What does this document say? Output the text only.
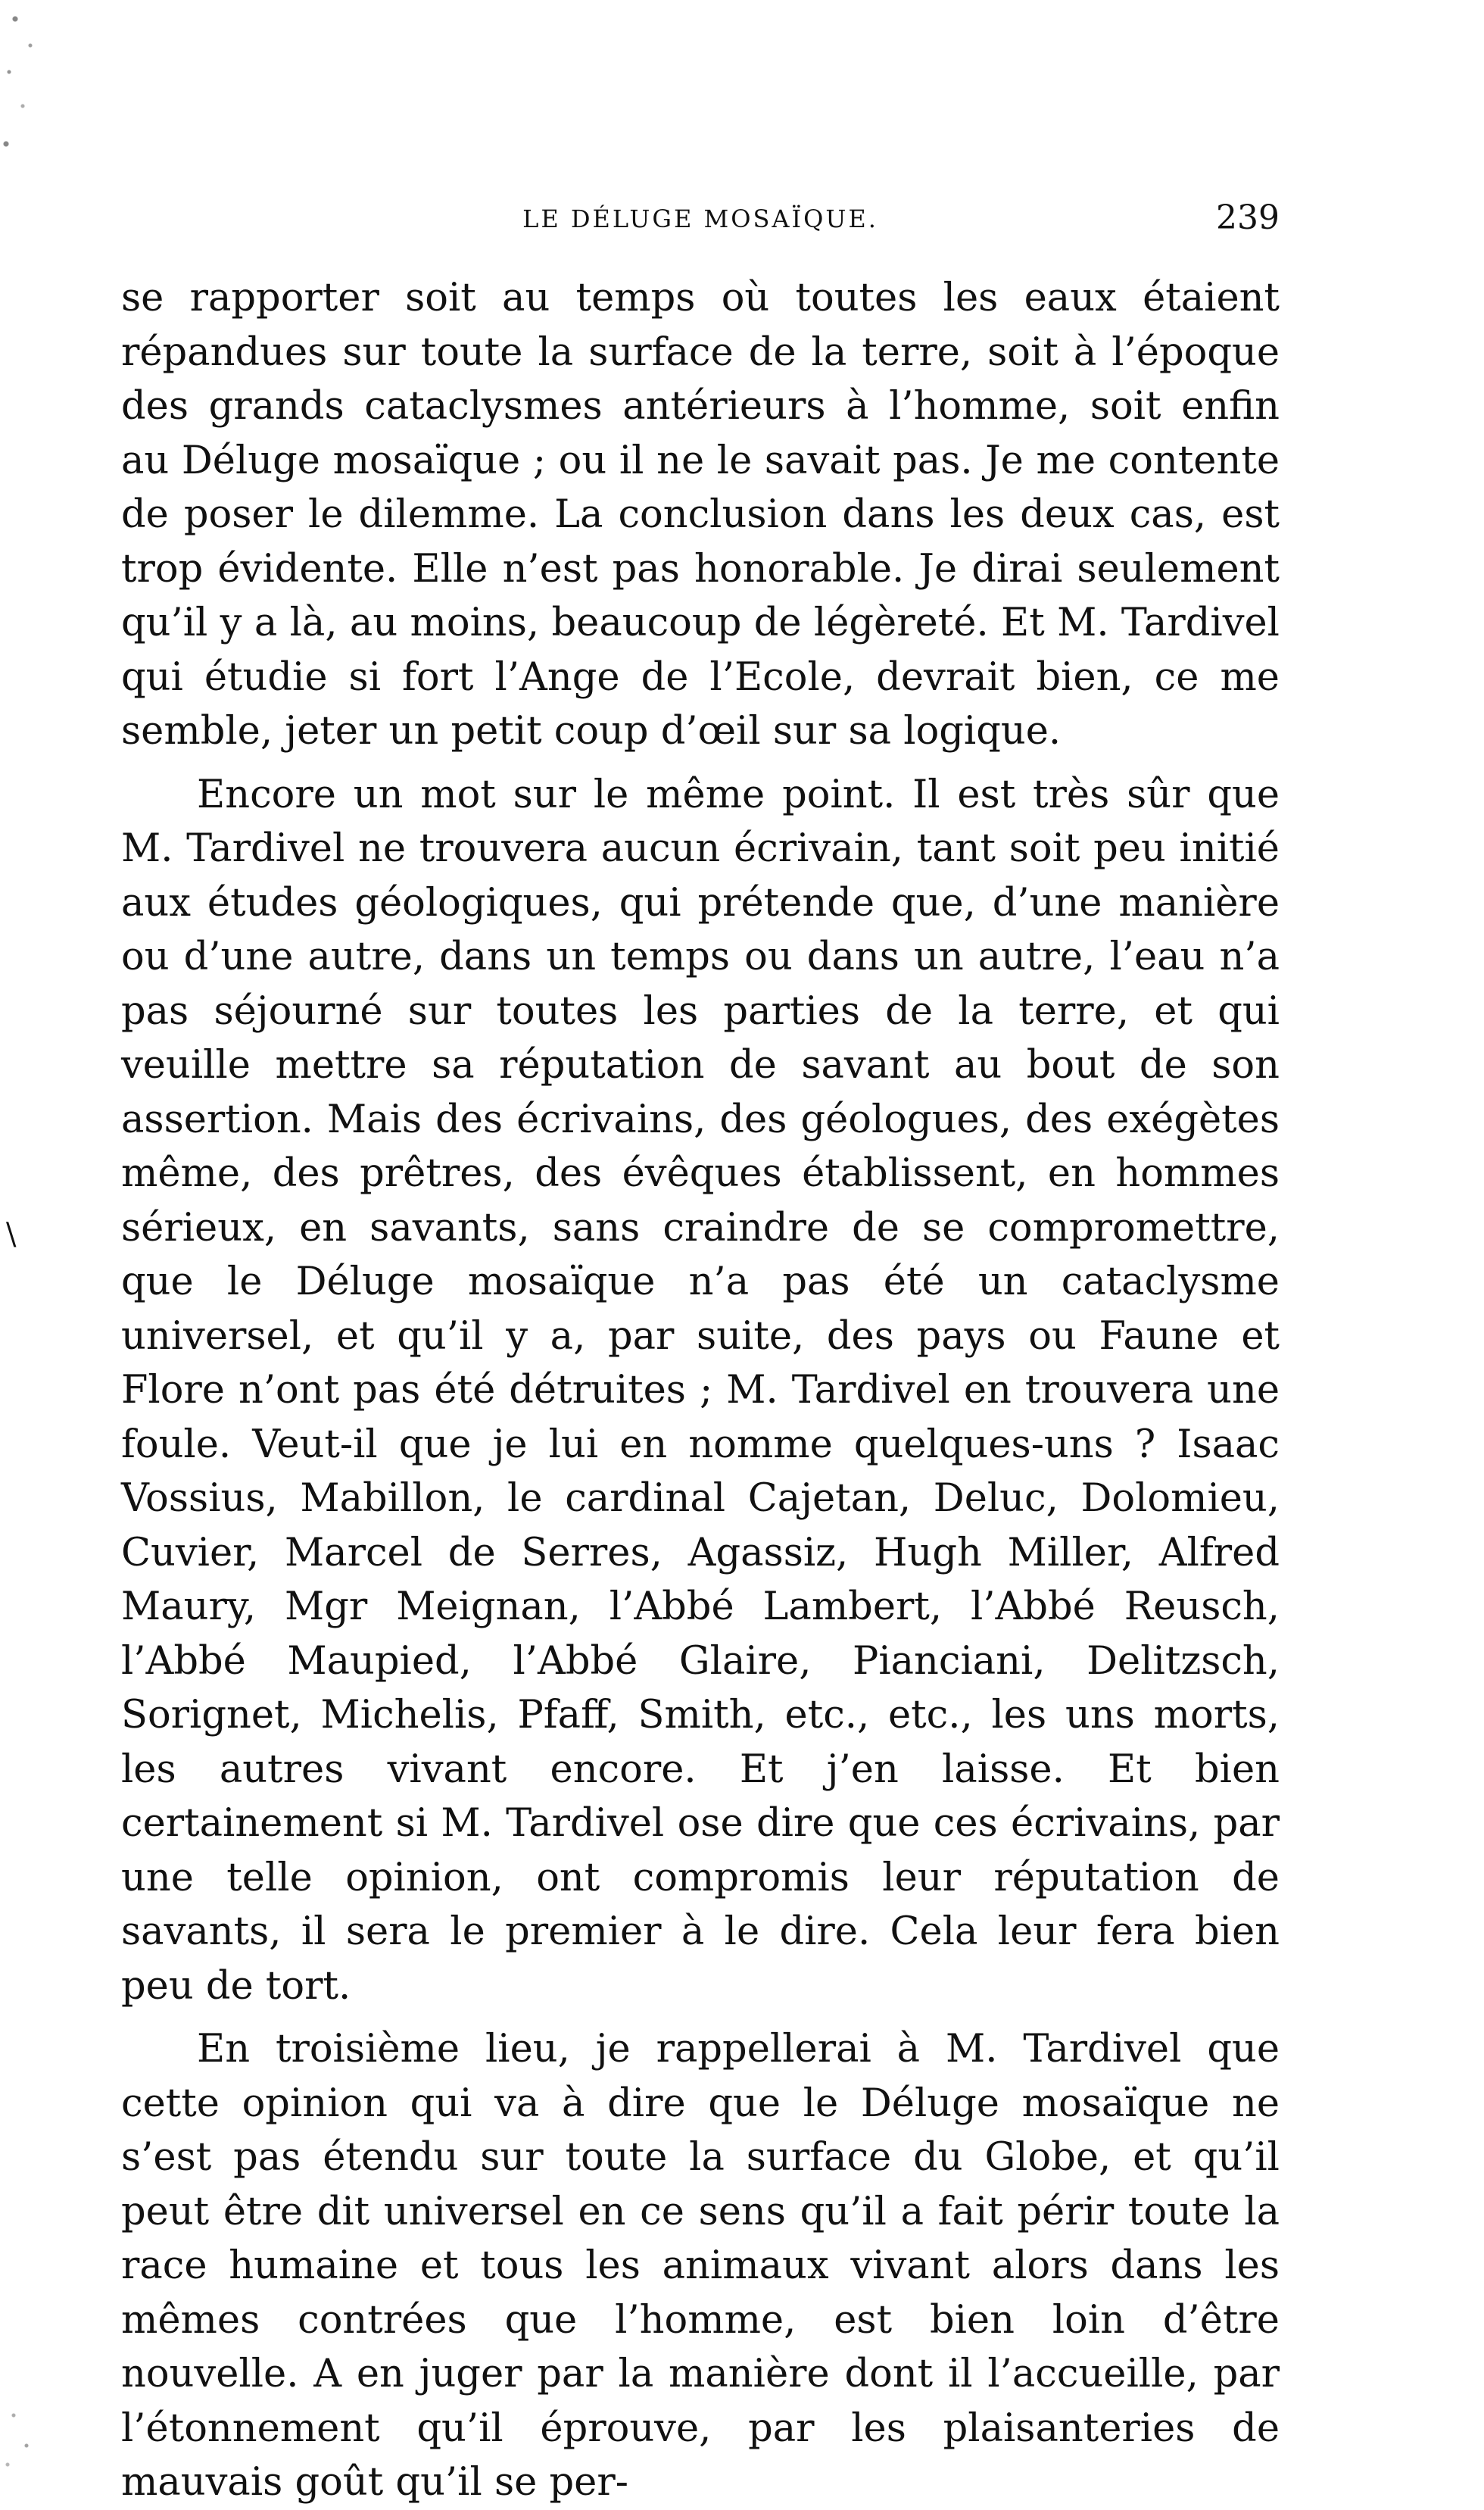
\
LE DÉLUGE MOSAÏQUE.	239

se rapporter soit au temps où toutes les eaux étaient répandues sur toute la surface de la terre, soit à l’époque des grands cataclysmes antérieurs à l’homme, soit enfin au Déluge mosaïque ; ou il ne le savait pas. Je me contente de poser le dilemme. La conclusion dans les deux cas, est trop évidente. Elle n’est pas honorable. Je dirai seulement qu’il y a là, au moins, beaucoup de légèreté. Et M. Tardivel qui étudie si fort l’Ange de l’Ecole, devrait bien, ce me semble, jeter un petit coup d’œil sur sa logique.

Encore un mot sur le même point. Il est très sûr que M. Tardivel ne trouvera aucun écrivain, tant soit peu initié aux études géologiques, qui prétende que, d’une manière ou d’une autre, dans un temps ou dans un autre, l’eau n’a pas séjourné sur toutes les parties de la terre, et qui veuille mettre sa réputation de savant au bout de son assertion. Mais des écrivains, des géologues, des exégètes même, des prêtres, des évêques établissent, en hommes sérieux, en savants, sans craindre de se compromettre, que le Déluge mosaïque n’a pas été un cataclysme universel, et qu’il y a, par suite, des pays ou Faune et Flore n’ont pas été détruites ; M. Tardivel en trouvera une foule. Veut-il que je lui en nomme quelques-uns ? Isaac Vossius, Mabillon, le cardinal Cajetan, Deluc, Dolomieu, Cuvier, Marcel de Serres, Agassiz, Hugh Miller, Alfred Maury, Mgr Meignan, l’Abbé Lambert, l’Abbé Reusch, l’Abbé Maupied, l’Abbé Glaire, Pianciani, Delitzsch, Sorignet, Michelis, Pfaff, Smith, etc., etc., les uns morts, les autres vivant encore. Et j’en laisse. Et bien certainement si M. Tardivel ose dire que ces écrivains, par une telle opinion, ont compromis leur réputation de savants, il sera le premier à le dire. Cela leur fera bien peu de tort.

En troisième lieu, je rappellerai à M. Tardivel que cette opinion qui va à dire que le Déluge mosaïque ne s’est pas étendu sur toute la surface du Globe, et qu’il peut être dit universel en ce sens qu’il a fait périr toute la race humaine et tous les animaux vivant alors dans les mêmes contrées que l’homme, est bien loin d’être nouvelle. A en juger par la manière dont il l’accueille, par l’étonnement qu’il éprouve, par les plaisanteries de mauvais goût qu’il se per-
